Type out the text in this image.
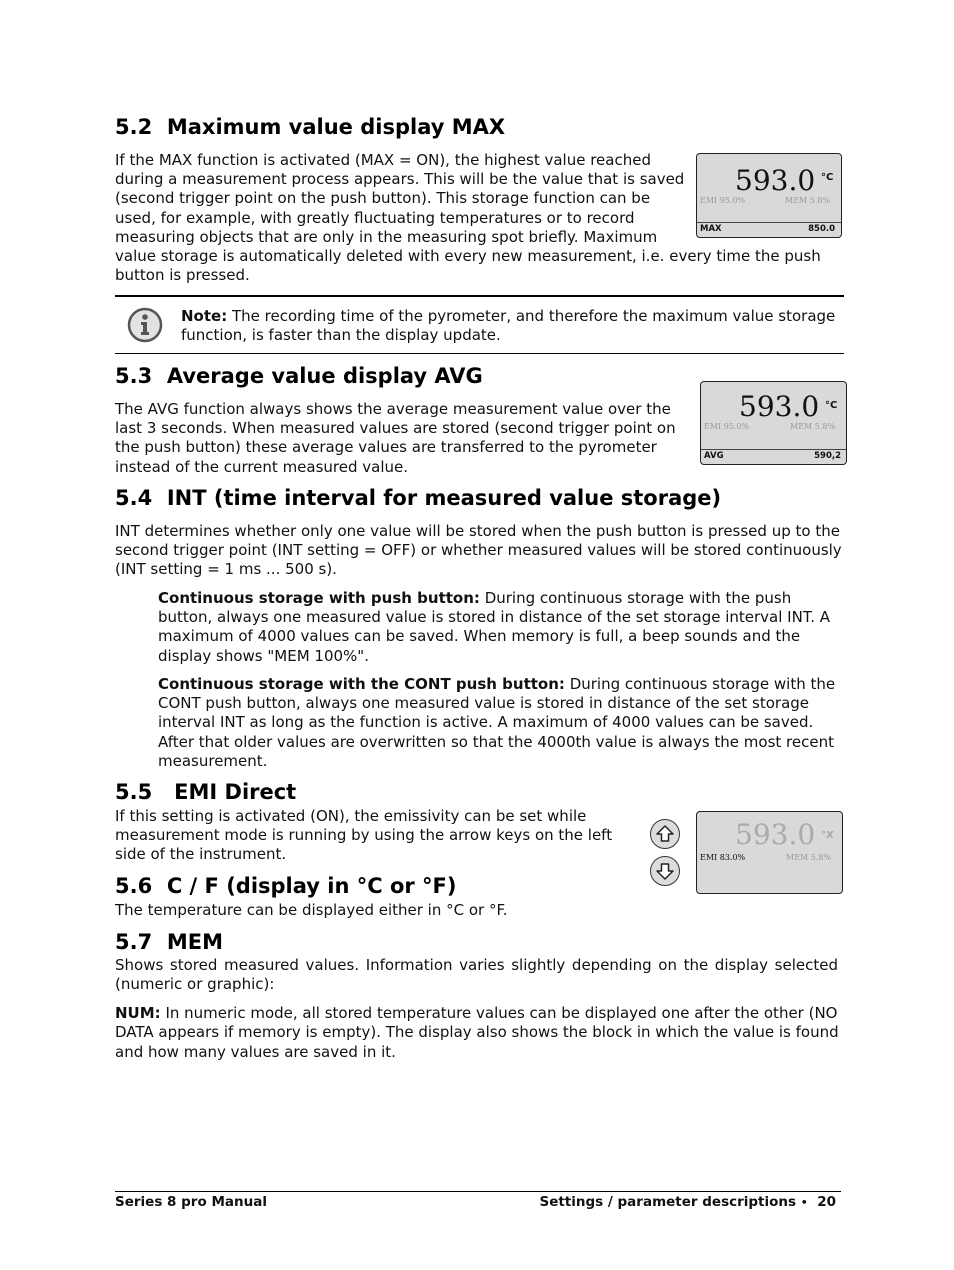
5.2 Maximum value display MAX

If the MAX function is activated (MAX = ON), the highest value reached

during a measurement process appears. This will be the value that is saved

(second trigger point on the push button). This storage function can be

used, for example, with greatly fluctuating temperatures or to record

measuring objects that are only in the measuring spot briefly. Maximum

value storage is automatically deleted with every new measurement, i.e. every time the push

button is pressed.

593.0 °C
EMI 95.0%	MEM 5.8%
MAX	850.0

Note: The recording time of the pyrometer, and therefore the maximum value storage

function, is faster than the display update.

5.3 Average value display AVG

The AVG function always shows the average measurement value over the

last 3 seconds. When measured values are stored (second trigger point on

the push button) these average values are transferred to the pyrometer

instead of the current measured value.

593.0 °C
EMI 95.0%	MEM 5.8%
AVG	590,2
5.4 INT (time interval for measured value storage)

INT determines whether only one value will be stored when the push button is pressed up to the

second trigger point (INT setting = OFF) or whether measured values will be stored continuously

(INT setting = 1 ms ... 500 s).

Continuous storage with push button: During continuous storage with the push

button, always one measured value is stored in distance of the set storage interval INT. A

maximum of 4000 values can be saved. When memory is full, a beep sounds and the

display shows "MEM 100%".

Continuous storage with the CONT push button: During continuous storage with the

CONT push button, always one measured value is stored in distance of the set storage

interval INT as long as the function is active. A maximum of 4000 values can be saved.

After that older values are overwritten so that the 4000th value is always the most recent

measurement.

5.5 EMI Direct

If this setting is activated (ON), the emissivity can be set while

measurement mode is running by using the arrow keys on the left

side of the instrument.

593.0 °X
EMI 83.0%	MEM 5.8%
5.6 C / F (display in °C or °F)

The temperature can be displayed either in °C or °F.

5.7 MEM

Shows stored measured values. Information varies slightly depending on the display selected

(numeric or graphic):

NUM: In numeric mode, all stored temperature values can be displayed one after the other (NO

DATA appears if memory is empty). The display also shows the block in which the value is found

and how many values are saved in it.

Series 8 pro Manual	Settings / parameter descriptions • 20
